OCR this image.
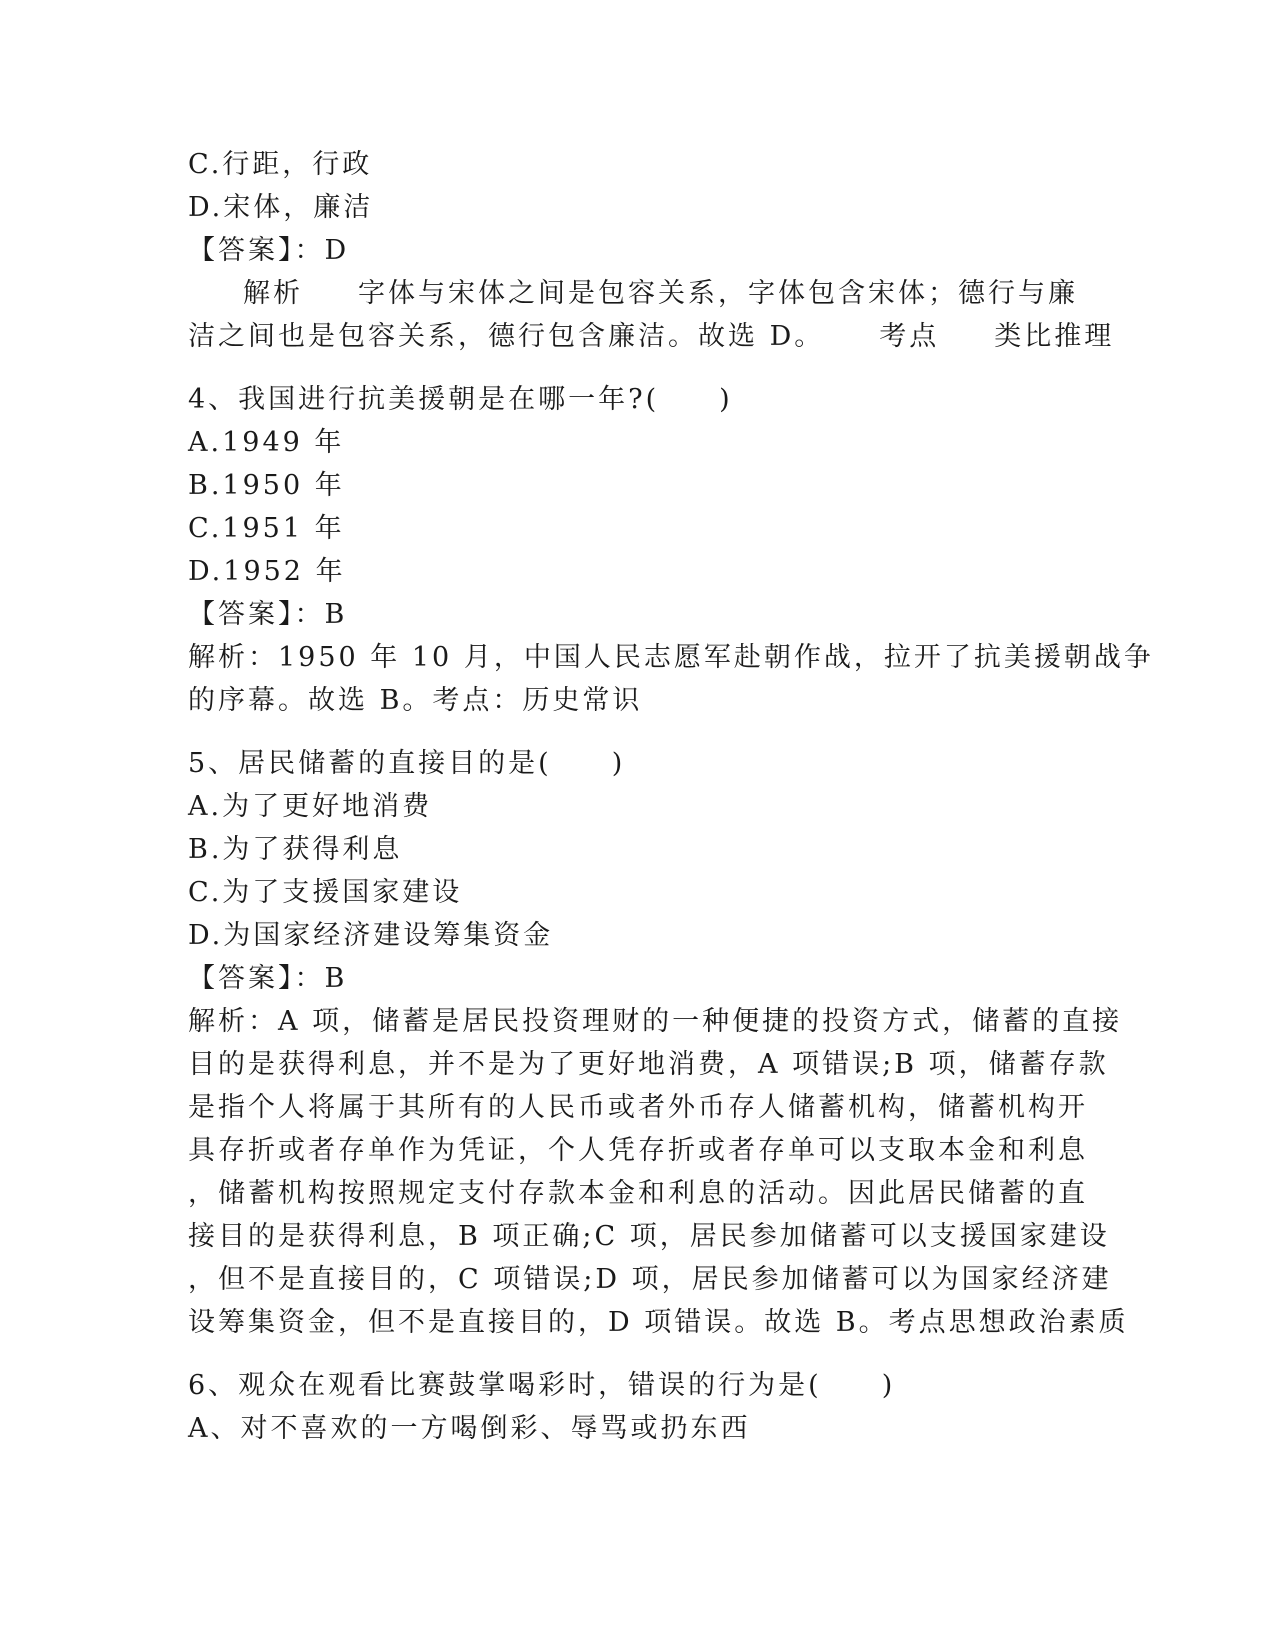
C.行距，行政
D.宋体，廉洁
【答案】：D
解析 字体与宋体之间是包容关系，字体包含宋体；德行与廉
洁之间也是包容关系，德行包含廉洁。故选 D。 考点 类比推理
4、我国进行抗美援朝是在哪一年?(　　)
A.1949 年
B.1950 年
C.1951 年
D.1952 年
【答案】：B
解析：1950 年 10 月，中国人民志愿军赴朝作战，拉开了抗美援朝战争
的序幕。故选 B。考点：历史常识
5、居民储蓄的直接目的是(　　)
A.为了更好地消费
B.为了获得利息
C.为了支援国家建设
D.为国家经济建设筹集资金
【答案】：B
解析：A 项，储蓄是居民投资理财的一种便捷的投资方式，储蓄的直接
目的是获得利息，并不是为了更好地消费，A 项错误;B 项，储蓄存款
是指个人将属于其所有的人民币或者外币存人储蓄机构，储蓄机构开
具存折或者存单作为凭证，个人凭存折或者存单可以支取本金和利息
，储蓄机构按照规定支付存款本金和利息的活动。因此居民储蓄的直
接目的是获得利息，B 项正确;C 项，居民参加储蓄可以支援国家建设
，但不是直接目的，C 项错误;D 项，居民参加储蓄可以为国家经济建
设筹集资金，但不是直接目的，D 项错误。故选 B。考点思想政治素质
6、观众在观看比赛鼓掌喝彩时，错误的行为是(　　)
A、对不喜欢的一方喝倒彩、辱骂或扔东西
